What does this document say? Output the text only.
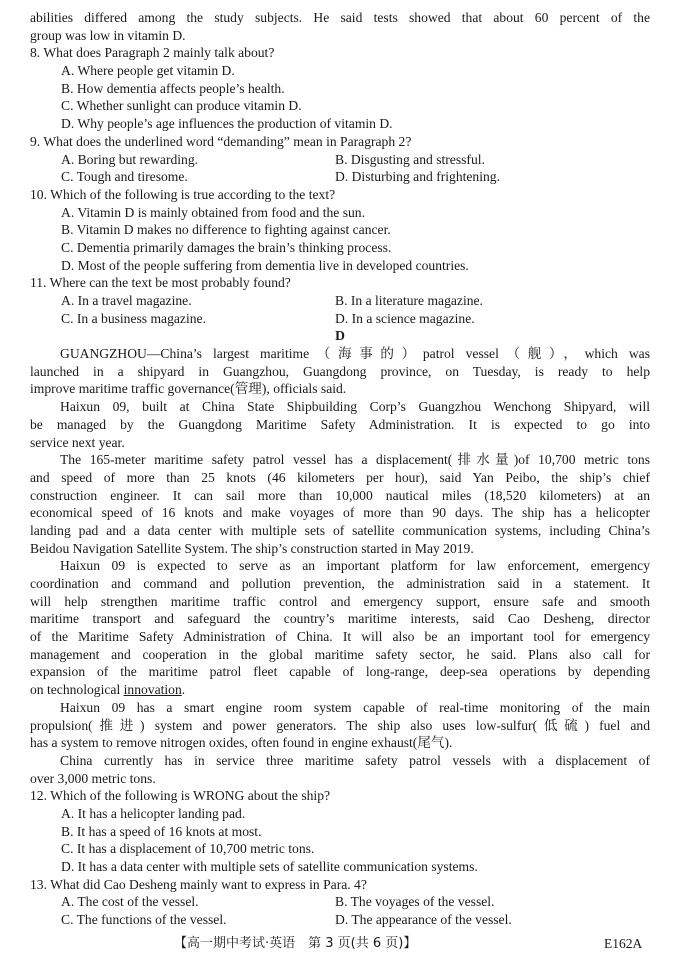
abilities differed among the study subjects. He said tests showed that about 60 percent of the
group was low in vitamin D.
8. What does Paragraph 2 mainly talk about?
A. Where people get vitamin D.
B. How dementia affects people’s health.
C. Whether sunlight can produce vitamin D.
D. Why people’s age influences the production of vitamin D.
9. What does the underlined word “demanding” mean in Paragraph 2?
A. Boring but rewarding.	B. Disgusting and stressful.
C. Tough and tiresome.	D. Disturbing and frightening.
10. Which of the following is true according to the text?
A. Vitamin D is mainly obtained from food and the sun.
B. Vitamin D makes no difference to fighting against cancer.
C. Dementia primarily damages the brain’s thinking process.
D. Most of the people suffering from dementia live in developed countries.
11. Where can the text be most probably found?
A. In a travel magazine.	B. In a literature magazine.
C. In a business magazine.	D. In a science magazine.
D
GUANGZHOU—China’s largest maritime（海事的）patrol vessel（舰），which was
launched in a shipyard in Guangzhou, Guangdong province, on Tuesday, is ready to help
improve maritime traffic governance(管理), officials said.
Haixun 09, built at China State Shipbuilding Corp’s Guangzhou Wenchong Shipyard, will
be managed by the Guangdong Maritime Safety Administration. It is expected to go into
service next year.
The 165-meter maritime safety patrol vessel has a displacement(排水量)of 10,700 metric tons
and speed of more than 25 knots (46 kilometers per hour), said Yan Peibo, the ship’s chief
construction engineer. It can sail more than 10,000 nautical miles (18,520 kilometers) at an
economical speed of 16 knots and make voyages of more than 90 days. The ship has a helicopter
landing pad and a data center with multiple sets of satellite communication systems, including China’s
Beidou Navigation Satellite System. The ship’s construction started in May 2019.
Haixun 09 is expected to serve as an important platform for law enforcement, emergency
coordination and command and pollution prevention, the administration said in a statement. It
will help strengthen maritime traffic control and emergency support, ensure safe and smooth
maritime transport and safeguard the country’s maritime interests, said Cao Desheng, director
of the Maritime Safety Administration of China. It will also be an important tool for emergency
management and cooperation in the global maritime safety sector, he said. Plans also call for
expansion of the maritime patrol fleet capable of long-range, deep-sea operations by depending
on technological innovation.
Haixun 09 has a smart engine room system capable of real-time monitoring of the main
propulsion(推进) system and power generators. The ship also uses low-sulfur(低硫) fuel and
has a system to remove nitrogen oxides, often found in engine exhaust(尾气).
China currently has in service three maritime safety patrol vessels with a displacement of
over 3,000 metric tons.
12. Which of the following is WRONG about the ship?
A. It has a helicopter landing pad.
B. It has a speed of 16 knots at most.
C. It has a displacement of 10,700 metric tons.
D. It has a data center with multiple sets of satellite communication systems.
13. What did Cao Desheng mainly want to express in Para. 4?
A. The cost of the vessel.	B. The voyages of the vessel.
C. The functions of the vessel.	D. The appearance of the vessel.
【高一期中考试·英语　第 3 页(共 6 页)】	E162A
